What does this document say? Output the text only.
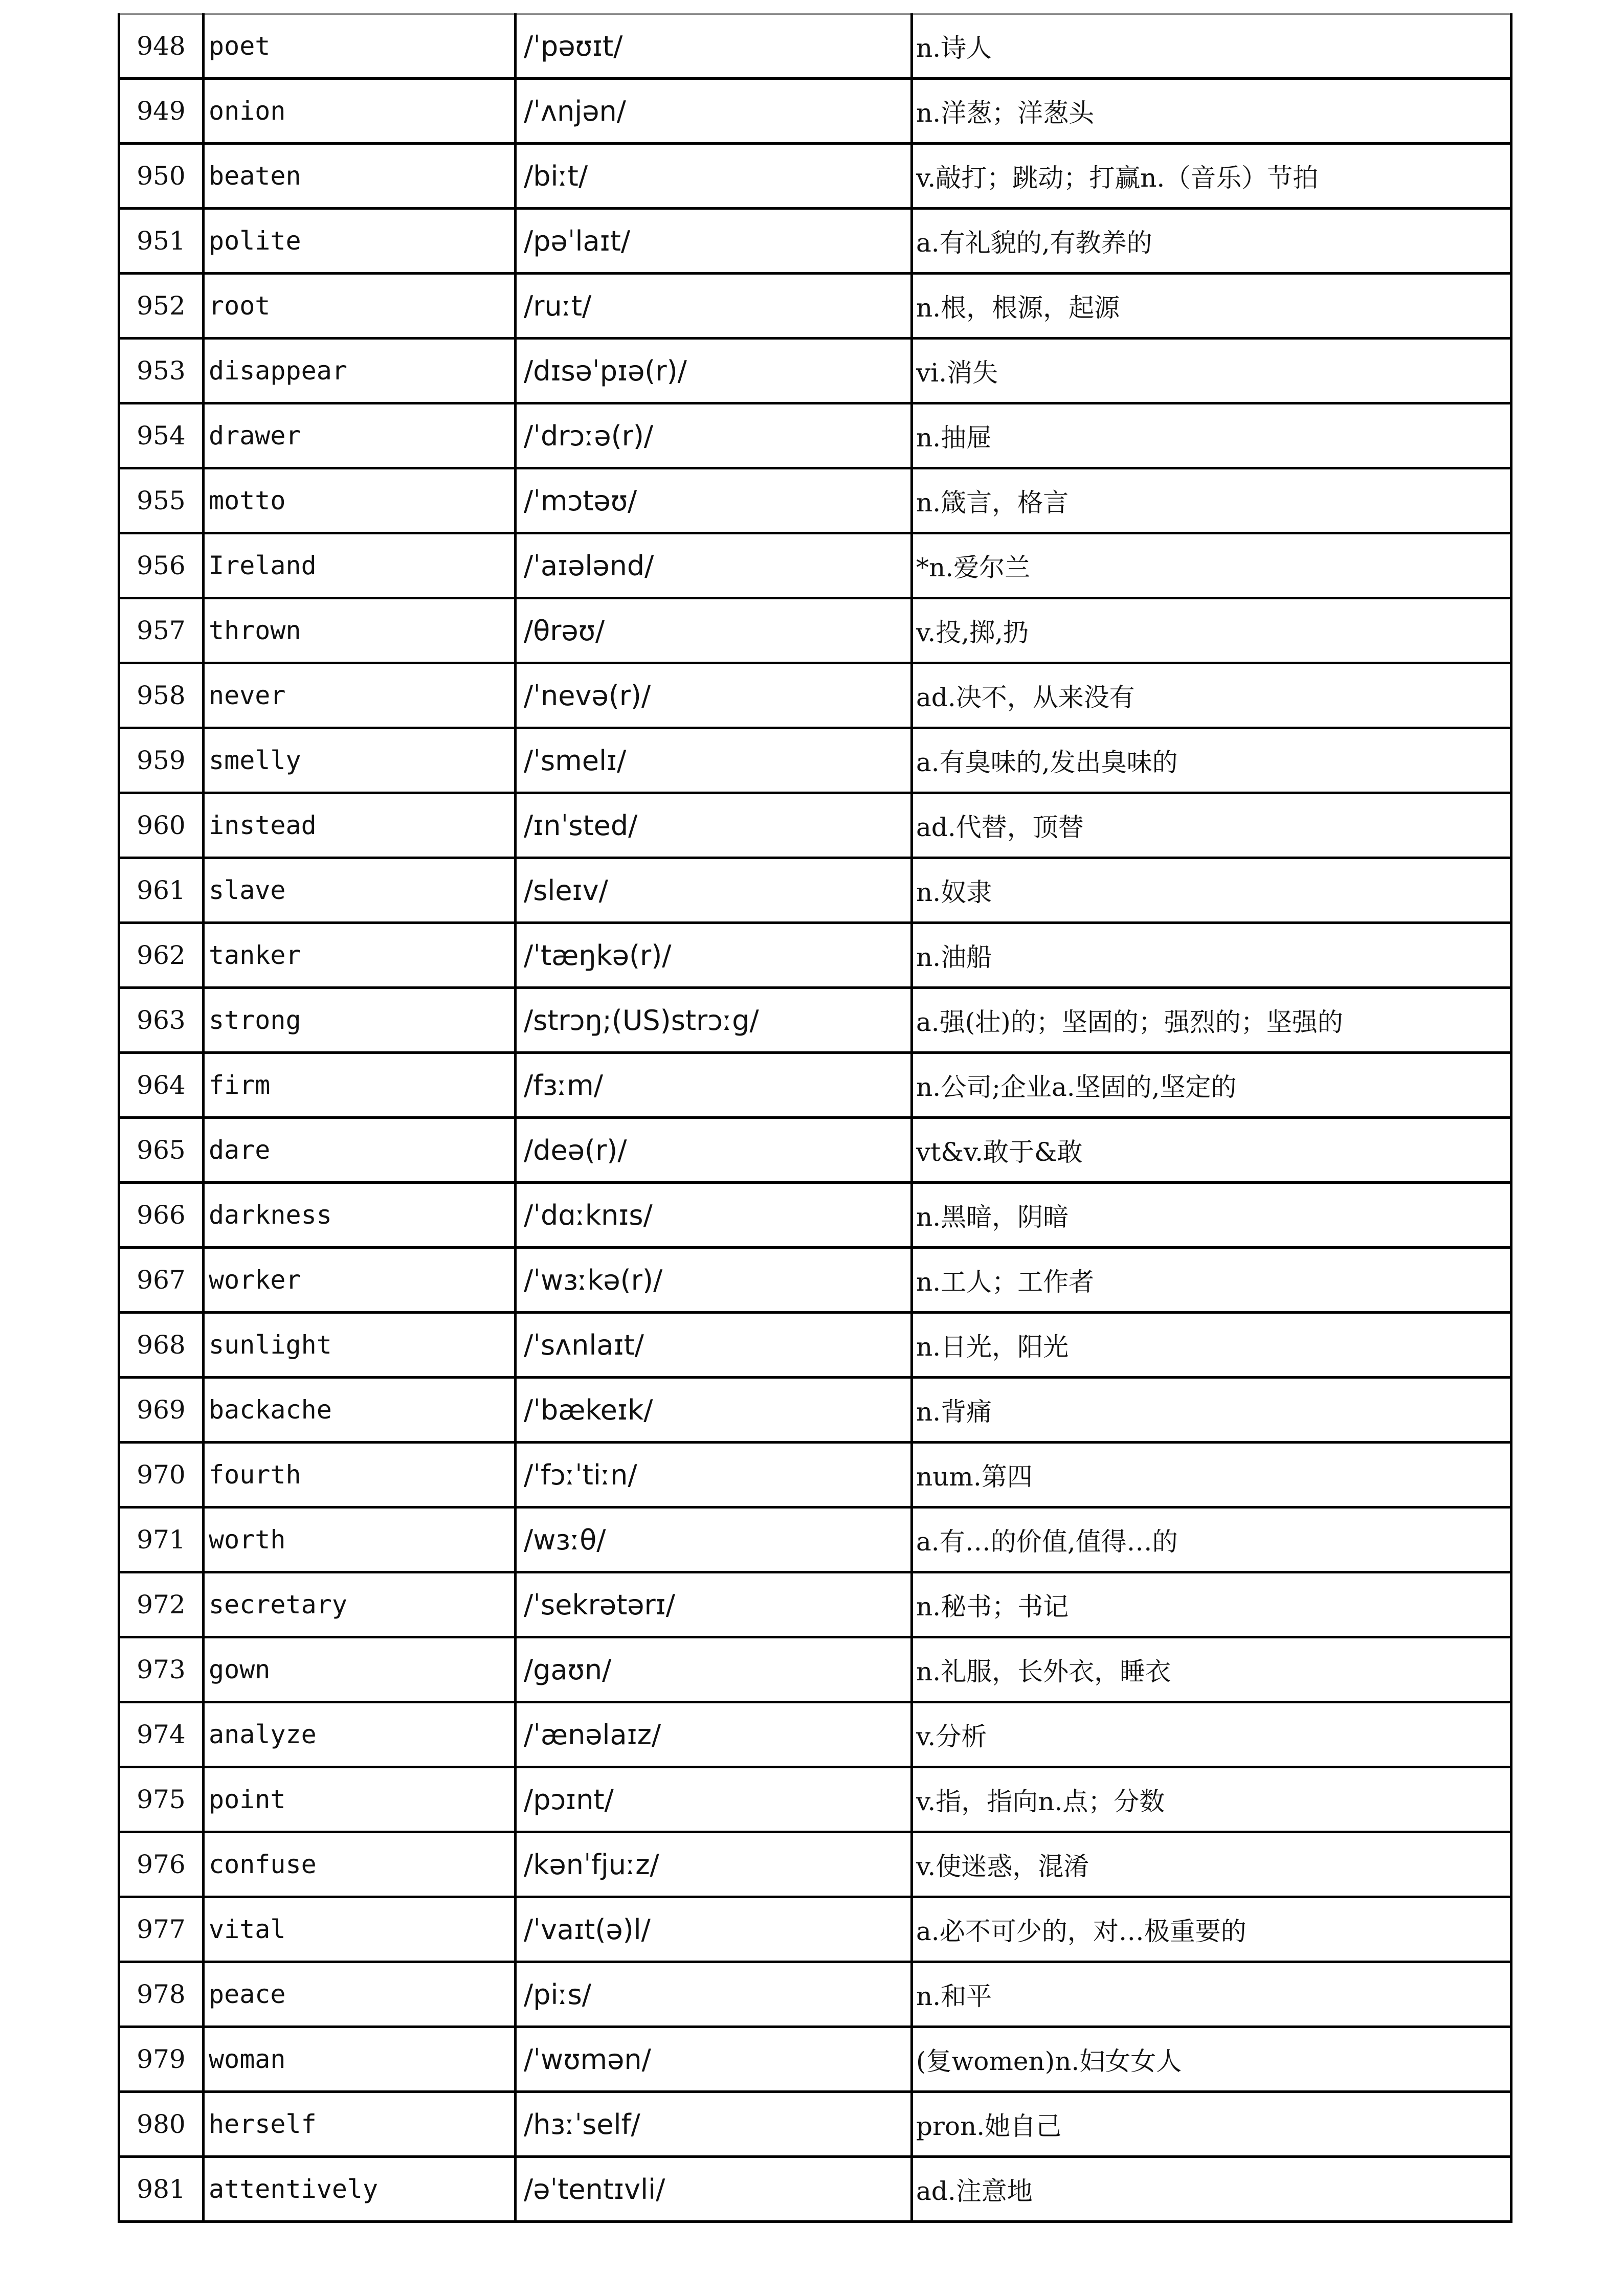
948	poet	/ˈpəʊɪt/	n.诗人
949	onion	/ˈʌnjən/	n.洋葱；洋葱头
950	beaten	/biːt/	v.敲打；跳动；打赢n.（音乐）节拍
951	polite	/pəˈlaɪt/	a.有礼貌的,有教养的
952	root	/ruːt/	n.根，根源，起源
953	disappear	/dɪsəˈpɪə(r)/	vi.消失
954	drawer	/ˈdrɔːə(r)/	n.抽屉
955	motto	/ˈmɔtəʊ/	n.箴言，格言
956	Ireland	/ˈaɪələnd/	*n.爱尔兰
957	thrown	/θrəʊ/	v.投,掷,扔
958	never	/ˈnevə(r)/	ad.决不，从来没有
959	smelly	/ˈsmelɪ/	a.有臭味的,发出臭味的
960	instead	/ɪnˈsted/	ad.代替，顶替
961	slave	/sleɪv/	n.奴隶
962	tanker	/ˈtæŋkə(r)/	n.油船
963	strong	/strɔŋ;(US)strɔːg/	a.强(壮)的；坚固的；强烈的；坚强的
964	firm	/fɜːm/	n.公司;企业a.坚固的,坚定的
965	dare	/deə(r)/	vt&v.敢于&敢
966	darkness	/ˈdɑːknɪs/	n.黑暗，阴暗
967	worker	/ˈwɜːkə(r)/	n.工人；工作者
968	sunlight	/ˈsʌnlaɪt/	n.日光，阳光
969	backache	/ˈbækeɪk/	n.背痛
970	fourth	/ˈfɔːˈtiːn/	num.第四
971	worth	/wɜːθ/	a.有…的价值,值得…的
972	secretary	/ˈsekrətərɪ/	n.秘书；书记
973	gown	/gaʊn/	n.礼服，长外衣，睡衣
974	analyze	/ˈænəlaɪz/	v.分析
975	point	/pɔɪnt/	v.指，指向n.点；分数
976	confuse	/kənˈfjuːz/	v.使迷惑，混淆
977	vital	/ˈvaɪt(ə)l/	a.必不可少的，对…极重要的
978	peace	/piːs/	n.和平
979	woman	/ˈwʊmən/	(复women)n.妇女女人
980	herself	/hɜːˈself/	pron.她自己
981	attentively	/əˈtentɪvli/	ad.注意地
